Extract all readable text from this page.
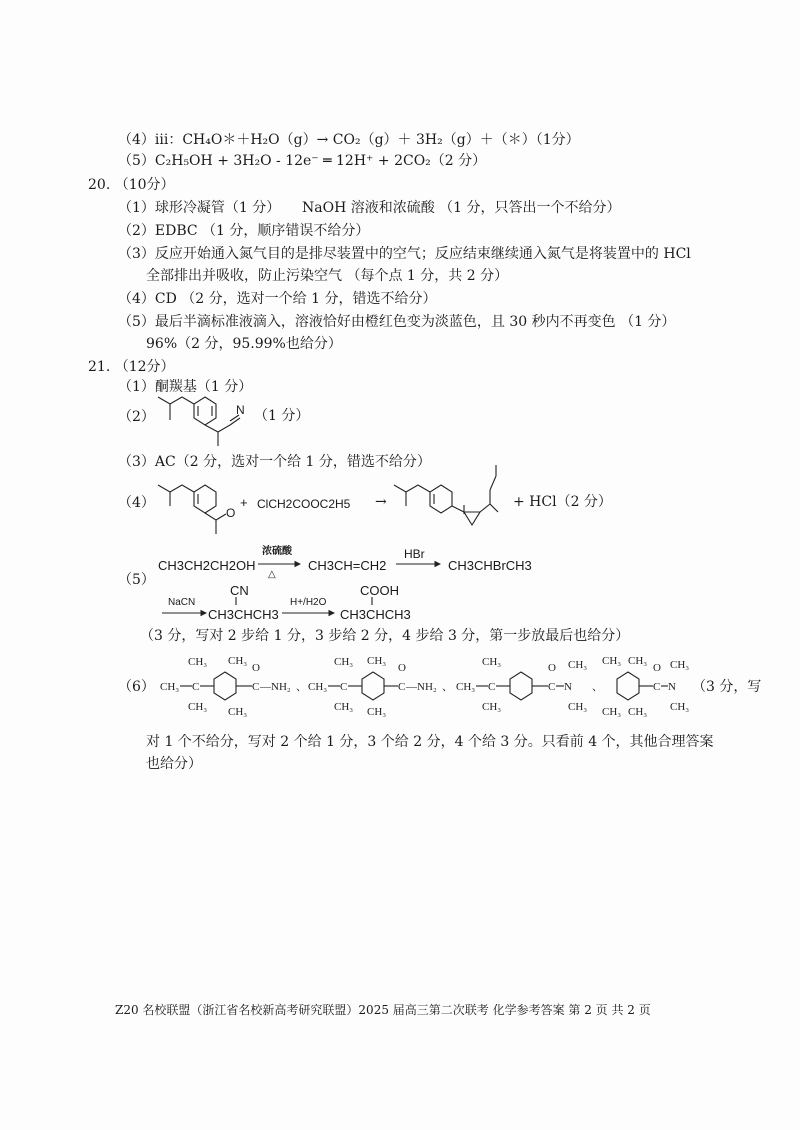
（4）iii：CH₄O＊＋H₂O（g）→ CO₂（g）＋ 3H₂（g）＋（＊）（1分）
（5）C₂H₅OH + 3H₂O - 12e⁻ ═ 12H⁺ + 2CO₂（2 分）
20. （10分）
（1）球形冷凝管（1 分） NaOH 溶液和浓硫酸 （1 分，只答出一个不给分）
（2）EDBC （1 分，顺序错误不给分）
（3）反应开始通入氮气目的是排尽装置中的空气；反应结束继续通入氮气是将装置中的 HCl
全部排出并吸收，防止污染空气 （每个点 1 分，共 2 分）
（4）CD （2 分，选对一个给 1 分，错选不给分）
（5）最后半滴标准液滴入，溶液恰好由橙红色变为淡蓝色，且 30 秒内不再变色 （1 分）
96%（2 分，95.99%也给分）
21. （12分）
（1）酮羰基（1 分）
（2）	（1 分）
（3）AC（2 分，选对一个给 1 分，错选不给分）
（4）	+ ClCH2COOC2H5 →	+ HCl（2 分）
（5）
CH3CH2CH2OH
浓硫酸
△
CH3CH=CH2
HBr
CH3CHBrCH3
NaCN
CN
CH3CHCH3
H+/H2O
COOH
CH3CHCH3
（3 分，写对 2 步给 1 分，3 步给 2 分，4 步给 3 分，第一步放最后也给分）
（6）	（3 分，写
对 1 个不给分，写对 2 个给 1 分，3 个给 2 分，4 个给 3 分。只看前 4 个，其他合理答案
也给分）
Z20 名校联盟（浙江省名校新高考研究联盟）2025 届高三第二次联考 化学参考答案 第 2 页 共 2 页
N
O
CH₃ C
CH₃
CH₃
CH₃
CH₃
C
O
—NH₂ 、 CH₃ C
CH₃
CH₃
CH₃
CH₃
C
O
—NH₂ 、 CH₃ C
CH₃
CH₃
C
O
N
CH₃
CH₃
、
CH₃ CH₃
CH₃ CH₃
C
O
N
CH₃
CH₃
